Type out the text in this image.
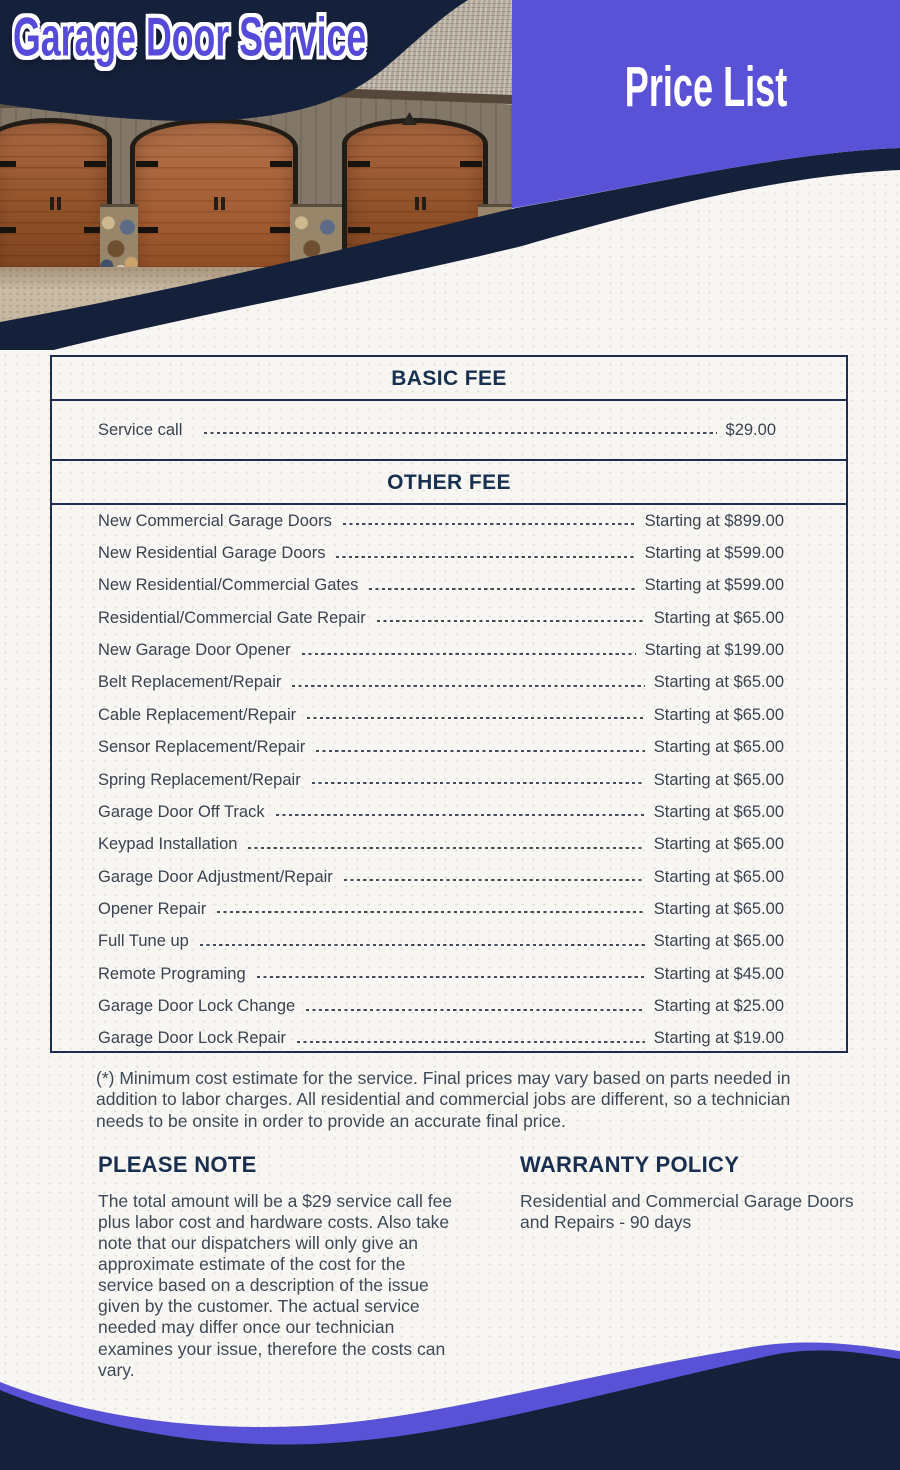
Garage Door Service
Price List
BASIC FEE
Service call	$29.00
OTHER FEE
New Commercial Garage Doors	Starting at $899.00
New Residential Garage Doors	Starting at $599.00
New Residential/Commercial Gates	Starting at $599.00
Residential/Commercial Gate Repair	Starting at $65.00
New Garage Door Opener	Starting at $199.00
Belt Replacement/Repair	Starting at $65.00
Cable Replacement/Repair	Starting at $65.00
Sensor Replacement/Repair	Starting at $65.00
Spring Replacement/Repair	Starting at $65.00
Garage Door Off Track	Starting at $65.00
Keypad Installation	Starting at $65.00
Garage Door Adjustment/Repair	Starting at $65.00
Opener Repair	Starting at $65.00
Full Tune up	Starting at $65.00
Remote Programing	Starting at $45.00
Garage Door Lock Change	Starting at $25.00
Garage Door Lock Repair	Starting at $19.00

(*) Minimum cost estimate for the service. Final prices may vary based on parts needed in addition to labor charges. All residential and commercial jobs are different, so a technician needs to be onsite in order to provide an accurate final price.

PLEASE NOTE

The total amount will be a $29 service call fee plus labor cost and hardware costs. Also take note that our dispatchers will only give an approximate estimate of the cost for the service based on a description of the issue given by the customer. The actual service needed may differ once our technician examines your issue, therefore the costs can vary.

WARRANTY POLICY

Residential and Commercial Garage Doors and Repairs - 90 days
